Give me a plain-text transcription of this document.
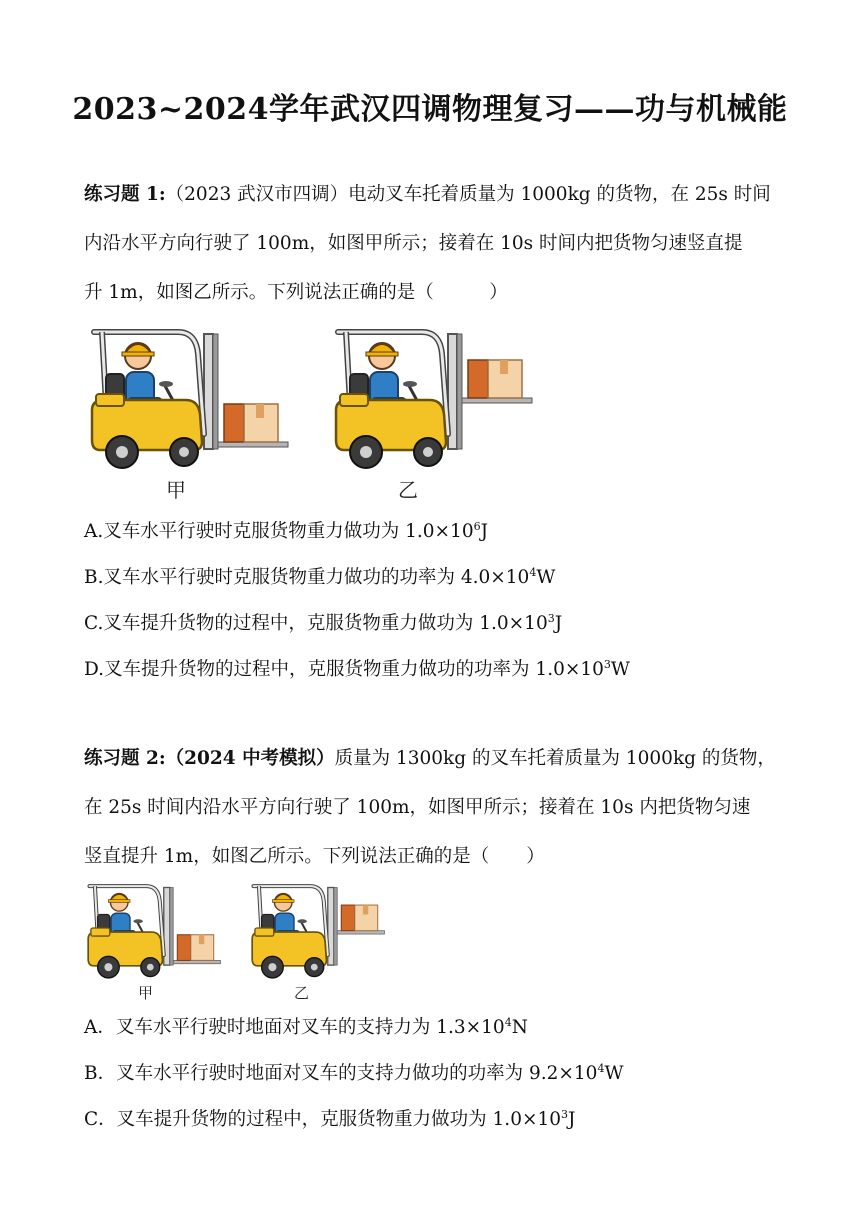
2023~2024学年武汉四调物理复习——功与机械能
练习题 1:（2023 武汉市四调）电动叉车托着质量为 1000kg 的货物，在 25s 时间
内沿水平方向行驶了 100m，如图甲所示；接着在 10s 时间内把货物匀速竖直提
升 1m，如图乙所示。下列说法正确的是（　　　）
甲	乙
A.叉车水平行驶时克服货物重力做功为 $1.0\times 10^6J$
B.叉车水平行驶时克服货物重力做功的功率为 $4.0\times 10^4W$
C.叉车提升货物的过程中，克服货物重力做功为 $1.0\times 10^3J$
D.叉车提升货物的过程中，克服货物重力做功的功率为 $1.0\times 10^3W$
练习题 2:（2024 中考模拟）质量为 1300kg 的叉车托着质量为 1000kg 的货物，
在 25s 时间内沿水平方向行驶了 100m，如图甲所示；接着在 10s 内把货物匀速
竖直提升 1m，如图乙所示。下列说法正确的是（　　）
甲	乙
A．叉车水平行驶时地面对叉车的支持力为 $1.3\times 10^4N$
B．叉车水平行驶时地面对叉车的支持力做功的功率为 $9.2\times 10^4W$
C．叉车提升货物的过程中，克服货物重力做功为 $1.0\times 10^3J$
